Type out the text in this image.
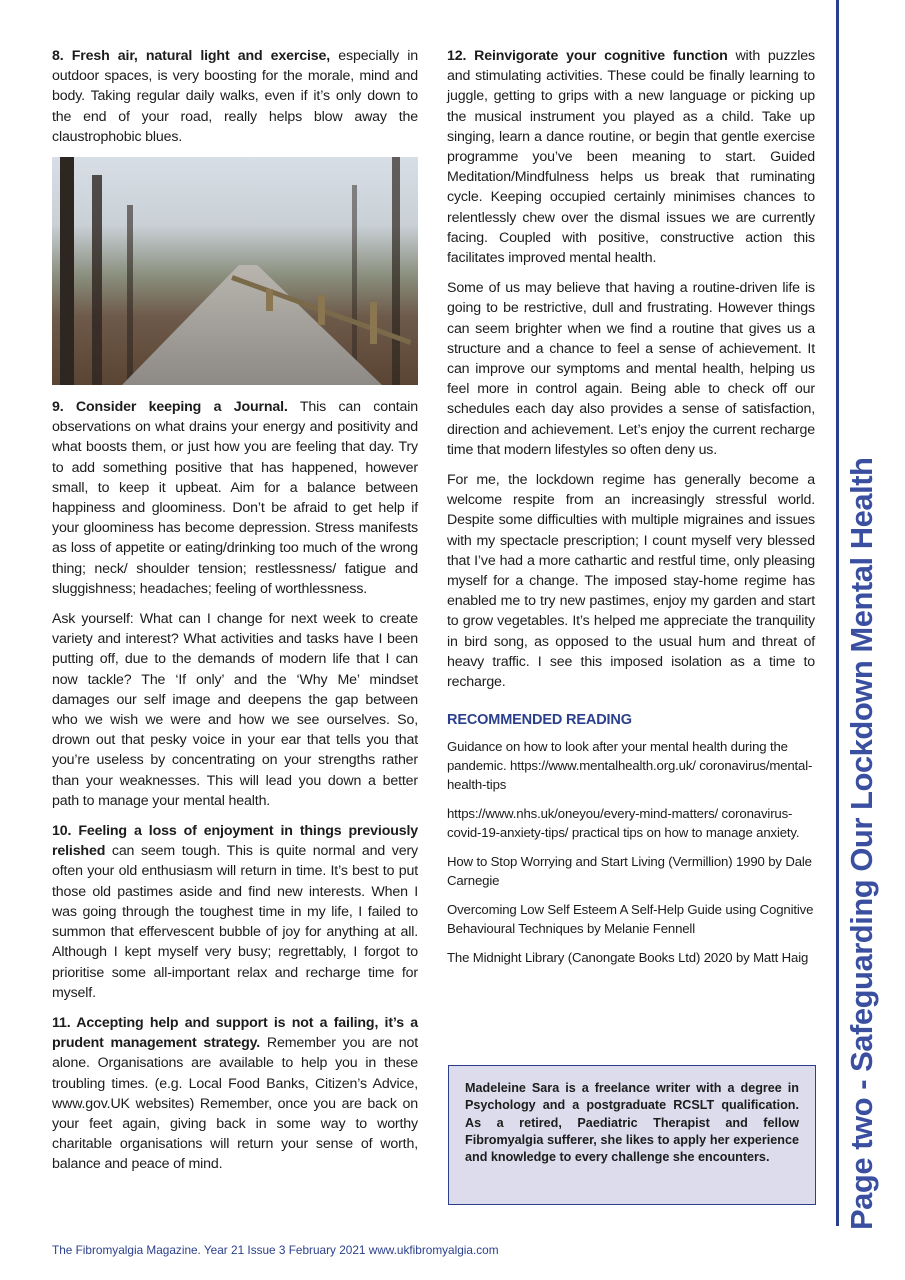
8. Fresh air, natural light and exercise, especially in outdoor spaces, is very boosting for the morale, mind and body. Taking regular daily walks, even if it’s only down to the end of your road, really helps blow away the claustrophobic blues.

9. Consider keeping a Journal. This can contain observations on what drains your energy and positivity and what boosts them, or just how you are feeling that day. Try to add something positive that has happened, however small, to keep it upbeat. Aim for a balance between happiness and gloominess. Don’t be afraid to get help if your gloominess has become depression. Stress manifests as loss of appetite or eating/drinking too much of the wrong thing; neck/ shoulder tension; restlessness/ fatigue and sluggishness; headaches; feeling of worthlessness.

Ask yourself: What can I change for next week to create variety and interest? What activities and tasks have I been putting off, due to the demands of modern life that I can now tackle? The ‘If only’ and the ‘Why Me’ mindset damages our self image and deepens the gap between who we wish we were and how we see ourselves. So, drown out that pesky voice in your ear that tells you that you’re useless by concentrating on your strengths rather than your weaknesses. This will lead you down a better path to manage your mental health.

10. Feeling a loss of enjoyment in things previously relished can seem tough. This is quite normal and very often your old enthusiasm will return in time. It’s best to put those old pastimes aside and find new interests. When I was going through the toughest time in my life, I failed to summon that effervescent bubble of joy for anything at all. Although I kept myself very busy; regrettably, I forgot to prioritise some all-important relax and recharge time for myself.

11. Accepting help and support is not a failing, it’s a prudent management strategy. Remember you are not alone. Organisations are available to help you in these troubling times. (e.g. Local Food Banks, Citizen’s Advice, www.gov.UK websites) Remember, once you are back on your feet again, giving back in some way to worthy charitable organisations will return your sense of worth, balance and peace of mind.

12. Reinvigorate your cognitive function with puzzles and stimulating activities. These could be finally learning to juggle, getting to grips with a new language or picking up the musical instrument you played as a child. Take up singing, learn a dance routine, or begin that gentle exercise programme you’ve been meaning to start. Guided Meditation/Mindfulness helps us break that ruminating cycle. Keeping occupied certainly minimises chances to relentlessly chew over the dismal issues we are currently facing. Coupled with positive, constructive action this facilitates improved mental health.

Some of us may believe that having a routine-driven life is going to be restrictive, dull and frustrating. However things can seem brighter when we find a routine that gives us a structure and a chance to feel a sense of achievement. It can improve our symptoms and mental health, helping us feel more in control again. Being able to check off our schedules each day also provides a sense of satisfaction, direction and achievement. Let’s enjoy the current recharge time that modern lifestyles so often deny us.

For me, the lockdown regime has generally become a welcome respite from an increasingly stressful world. Despite some difficulties with multiple migraines and issues with my spectacle prescription; I count myself very blessed that I’ve had a more cathartic and restful time, only pleasing myself for a change. The imposed stay-home regime has enabled me to try new pastimes, enjoy my garden and start to grow vegetables. It’s helped me appreciate the tranquility in bird song, as opposed to the usual hum and threat of heavy traffic. I see this imposed isolation as a time to recharge.

RECOMMENDED READING

Guidance on how to look after your mental health during the pandemic. https://www.mentalhealth.org.uk/ coronavirus/mental-health-tips

https://www.nhs.uk/oneyou/every-mind-matters/ coronavirus-covid-19-anxiety-tips/ practical tips on how to manage anxiety.

How to Stop Worrying and Start Living (Vermillion) 1990 by Dale Carnegie

Overcoming Low Self Esteem A Self-Help Guide using Cognitive Behavioural Techniques by Melanie Fennell

The Midnight Library (Canongate Books Ltd) 2020 by Matt Haig

Madeleine Sara is a freelance writer with a degree in Psychology and a postgraduate RCSLT qualification. As a retired, Paediatric Therapist and fellow Fibromyalgia sufferer, she likes to apply her experience and knowledge to every challenge she encounters.	Page two - Safeguarding Our Lockdown Mental Health
The Fibromyalgia Magazine. Year 21 Issue 3 February 2021 www.ukfibromyalgia.com
